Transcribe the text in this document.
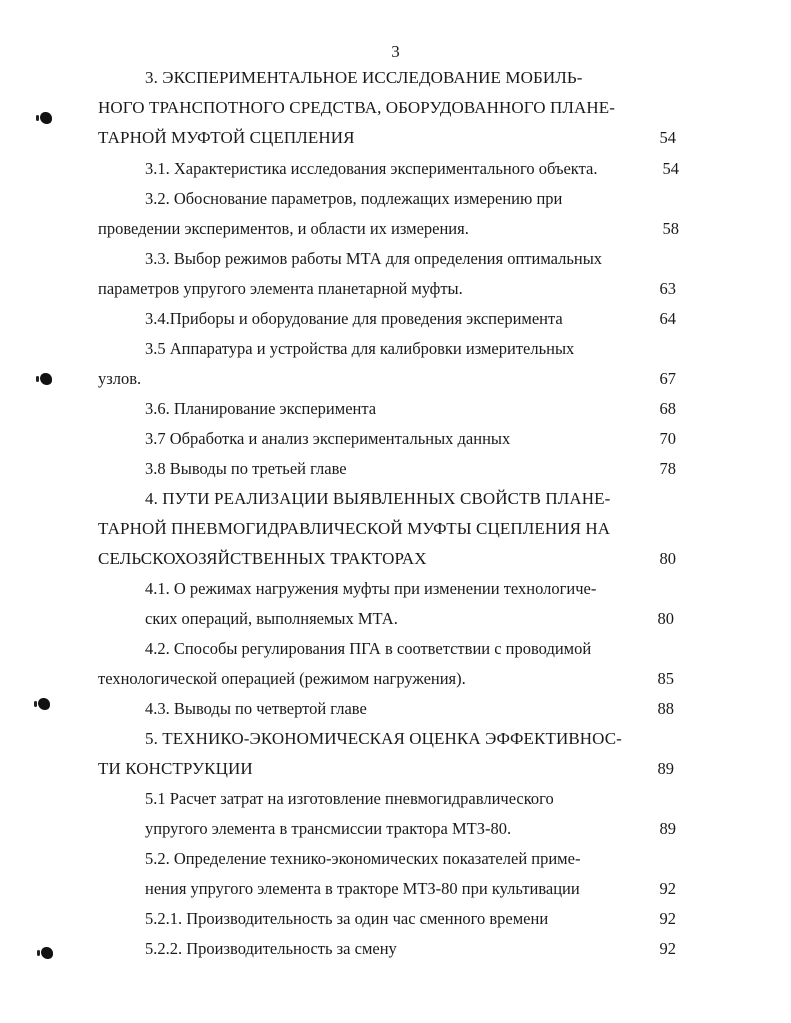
3
3. ЭКСПЕРИМЕНТАЛЬНОЕ ИССЛЕДОВАНИЕ МОБИЛЬ-
НОГО ТРАНСПОТНОГО СРЕДСТВА, ОБОРУДОВАННОГО ПЛАНЕ-
ТАРНОЙ МУФТОЙ СЦЕПЛЕНИЯ	54
3.1. Характеристика исследования экспериментального объекта.	54
3.2. Обоснование параметров, подлежащих измерению при
проведении экспериментов, и области их измерения.	58
3.3. Выбор режимов работы МТА для определения оптимальных
параметров упругого элемента планетарной муфты.	63
3.4.Приборы и оборудование для проведения эксперимента	64
3.5 Аппаратура и устройства для калибровки измерительных
узлов.	67
3.6. Планирование эксперимента	68
3.7 Обработка и анализ экспериментальных данных	70
3.8 Выводы по третьей главе	78
4. ПУТИ РЕАЛИЗАЦИИ ВЫЯВЛЕННЫХ СВОЙСТВ ПЛАНЕ-
ТАРНОЙ ПНЕВМОГИДРАВЛИЧЕСКОЙ МУФТЫ СЦЕПЛЕНИЯ НА
СЕЛЬСКОХОЗЯЙСТВЕННЫХ ТРАКТОРАХ	80
4.1. О режимах нагружения муфты при изменении технологиче-
ских операций, выполняемых МТА.	80
4.2. Способы регулирования ПГА в соответствии с проводимой
технологической операцией (режимом нагружения).	85
4.3. Выводы по четвертой главе	88
5. ТЕХНИКО-ЭКОНОМИЧЕСКАЯ ОЦЕНКА ЭФФЕКТИВНОС-
ТИ КОНСТРУКЦИИ	89
5.1 Расчет затрат на изготовление пневмогидравлического
упругого элемента в трансмиссии трактора МТЗ-80.	89
5.2. Определение технико-экономических показателей приме-
нения упругого элемента в тракторе МТЗ-80 при культивации	92
5.2.1. Производительность за один час сменного времени	92
5.2.2. Производительность за смену	92
